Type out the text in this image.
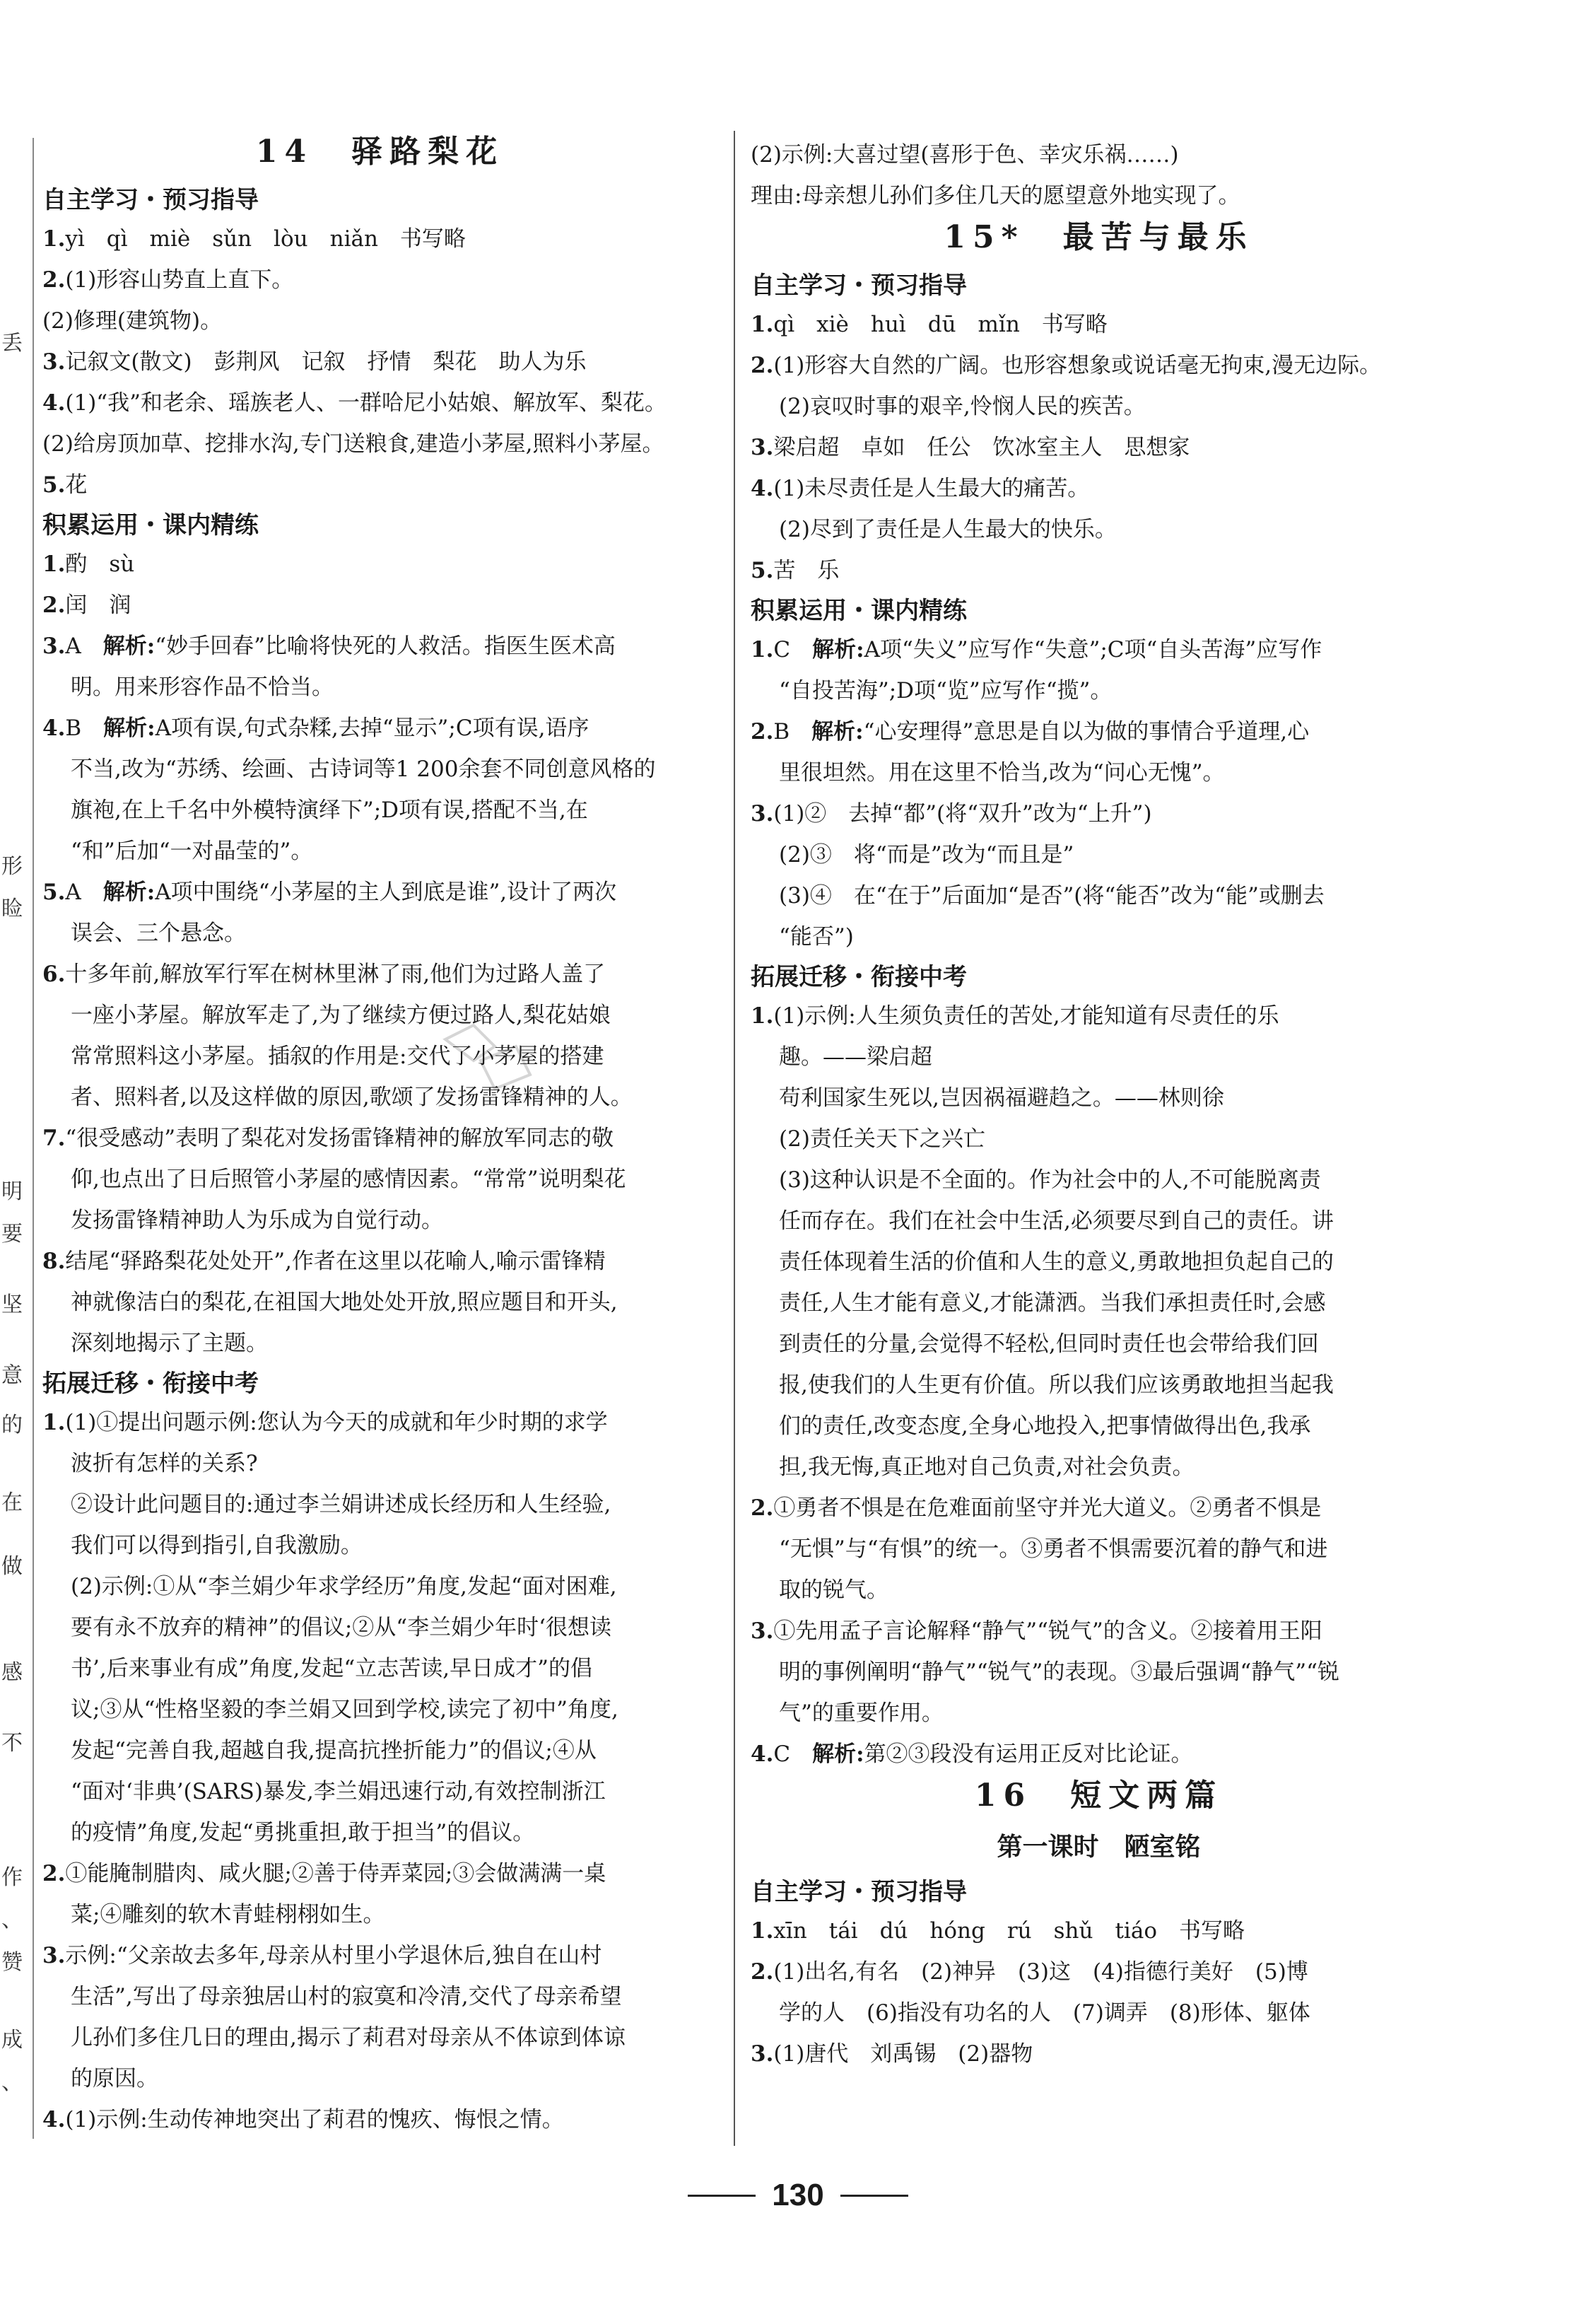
丢
形
睑
明
要
坚
意
的
在
做
感
不
作
、
赞
成
、
14　驿路梨花
自主学习・预习指导
1.yì　qì　miè　sǔn　lòu　niǎn　书写略
2.(1)形容山势直上直下。
(2)修理(建筑物)。
3.记叙文(散文)　彭荆风　记叙　抒情　梨花　助人为乐
4.(1)“我”和老余、瑶族老人、一群哈尼小姑娘、解放军、梨花。
(2)给房顶加草、挖排水沟,专门送粮食,建造小茅屋,照料小茅屋。
5.花
积累运用・课内精练
1.酌　sù
2.闰　润
3.A　解析:“妙手回春”比喻将快死的人救活。指医生医术高
明。用来形容作品不恰当。
4.B　解析:A项有误,句式杂糅,去掉“显示”;C项有误,语序
不当,改为“苏绣、绘画、古诗词等1 200余套不同创意风格的
旗袍,在上千名中外模特演绎下”;D项有误,搭配不当,在
“和”后加“一对晶莹的”。
5.A　解析:A项中围绕“小茅屋的主人到底是谁”,设计了两次
误会、三个悬念。
6.十多年前,解放军行军在树林里淋了雨,他们为过路人盖了
一座小茅屋。解放军走了,为了继续方便过路人,梨花姑娘
常常照料这小茅屋。插叙的作用是:交代了小茅屋的搭建
者、照料者,以及这样做的原因,歌颂了发扬雷锋精神的人。
7.“很受感动”表明了梨花对发扬雷锋精神的解放军同志的敬
仰,也点出了日后照管小茅屋的感情因素。“常常”说明梨花
发扬雷锋精神助人为乐成为自觉行动。
8.结尾“驿路梨花处处开”,作者在这里以花喻人,喻示雷锋精
神就像洁白的梨花,在祖国大地处处开放,照应题目和开头,
深刻地揭示了主题。
拓展迁移・衔接中考
1.(1)①提出问题示例:您认为今天的成就和年少时期的求学
波折有怎样的关系?
②设计此问题目的:通过李兰娟讲述成长经历和人生经验,
我们可以得到指引,自我激励。
(2)示例:①从“李兰娟少年求学经历”角度,发起“面对困难,
要有永不放弃的精神”的倡议;②从“李兰娟少年时‘很想读
书’,后来事业有成”角度,发起“立志苦读,早日成才”的倡
议;③从“性格坚毅的李兰娟又回到学校,读完了初中”角度,
发起“完善自我,超越自我,提高抗挫折能力”的倡议;④从
“面对‘非典’(SARS)暴发,李兰娟迅速行动,有效控制浙江
的疫情”角度,发起“勇挑重担,敢于担当”的倡议。
2.①能腌制腊肉、咸火腿;②善于侍弄菜园;③会做满满一桌
菜;④雕刻的软木青蛙栩栩如生。
3.示例:“父亲故去多年,母亲从村里小学退休后,独自在山村
生活”,写出了母亲独居山村的寂寞和冷清,交代了母亲希望
儿孙们多住几日的理由,揭示了莉君对母亲从不体谅到体谅
的原因。
4.(1)示例:生动传神地突出了莉君的愧疚、悔恨之情。
(2)示例:大喜过望(喜形于色、幸灾乐祸……)
理由:母亲想儿孙们多住几天的愿望意外地实现了。
15*　最苦与最乐
自主学习・预习指导
1.qì　xiè　huì　dū　mǐn　书写略
2.(1)形容大自然的广阔。也形容想象或说话毫无拘束,漫无边际。
(2)哀叹时事的艰辛,怜悯人民的疾苦。
3.梁启超　卓如　任公　饮冰室主人　思想家
4.(1)未尽责任是人生最大的痛苦。
(2)尽到了责任是人生最大的快乐。
5.苦　乐
积累运用・课内精练
1.C　解析:A项“失义”应写作“失意”;C项“自头苦海”应写作
“自投苦海”;D项“览”应写作“揽”。
2.B　解析:“心安理得”意思是自以为做的事情合乎道理,心
里很坦然。用在这里不恰当,改为“问心无愧”。
3.(1)②　去掉“都”(将“双升”改为“上升”)
(2)③　将“而是”改为“而且是”
(3)④　在“在于”后面加“是否”(将“能否”改为“能”或删去
“能否”)
拓展迁移・衔接中考
1.(1)示例:人生须负责任的苦处,才能知道有尽责任的乐
趣。——梁启超
苟利国家生死以,岂因祸福避趋之。——林则徐
(2)责任关天下之兴亡
(3)这种认识是不全面的。作为社会中的人,不可能脱离责
任而存在。我们在社会中生活,必须要尽到自己的责任。讲
责任体现着生活的价值和人生的意义,勇敢地担负起自己的
责任,人生才能有意义,才能潇洒。当我们承担责任时,会感
到责任的分量,会觉得不轻松,但同时责任也会带给我们回
报,使我们的人生更有价值。所以我们应该勇敢地担当起我
们的责任,改变态度,全身心地投入,把事情做得出色,我承
担,我无悔,真正地对自己负责,对社会负责。
2.①勇者不惧是在危难面前坚守并光大道义。②勇者不惧是
“无惧”与“有惧”的统一。③勇者不惧需要沉着的静气和进
取的锐气。
3.①先用孟子言论解释“静气”“锐气”的含义。②接着用王阳
明的事例阐明“静气”“锐气”的表现。③最后强调“静气”“锐
气”的重要作用。
4.C　解析:第②③段没有运用正反对比论证。
16　短文两篇
第一课时　陋室铭
自主学习・预习指导
1.xīn　tái　dú　hóng　rú　shǔ　tiáo　书写略
2.(1)出名,有名　(2)神异　(3)这　(4)指德行美好　(5)博
学的人　(6)指没有功名的人　(7)调弄　(8)形体、躯体
3.(1)唐代　刘禹锡　(2)器物
130
